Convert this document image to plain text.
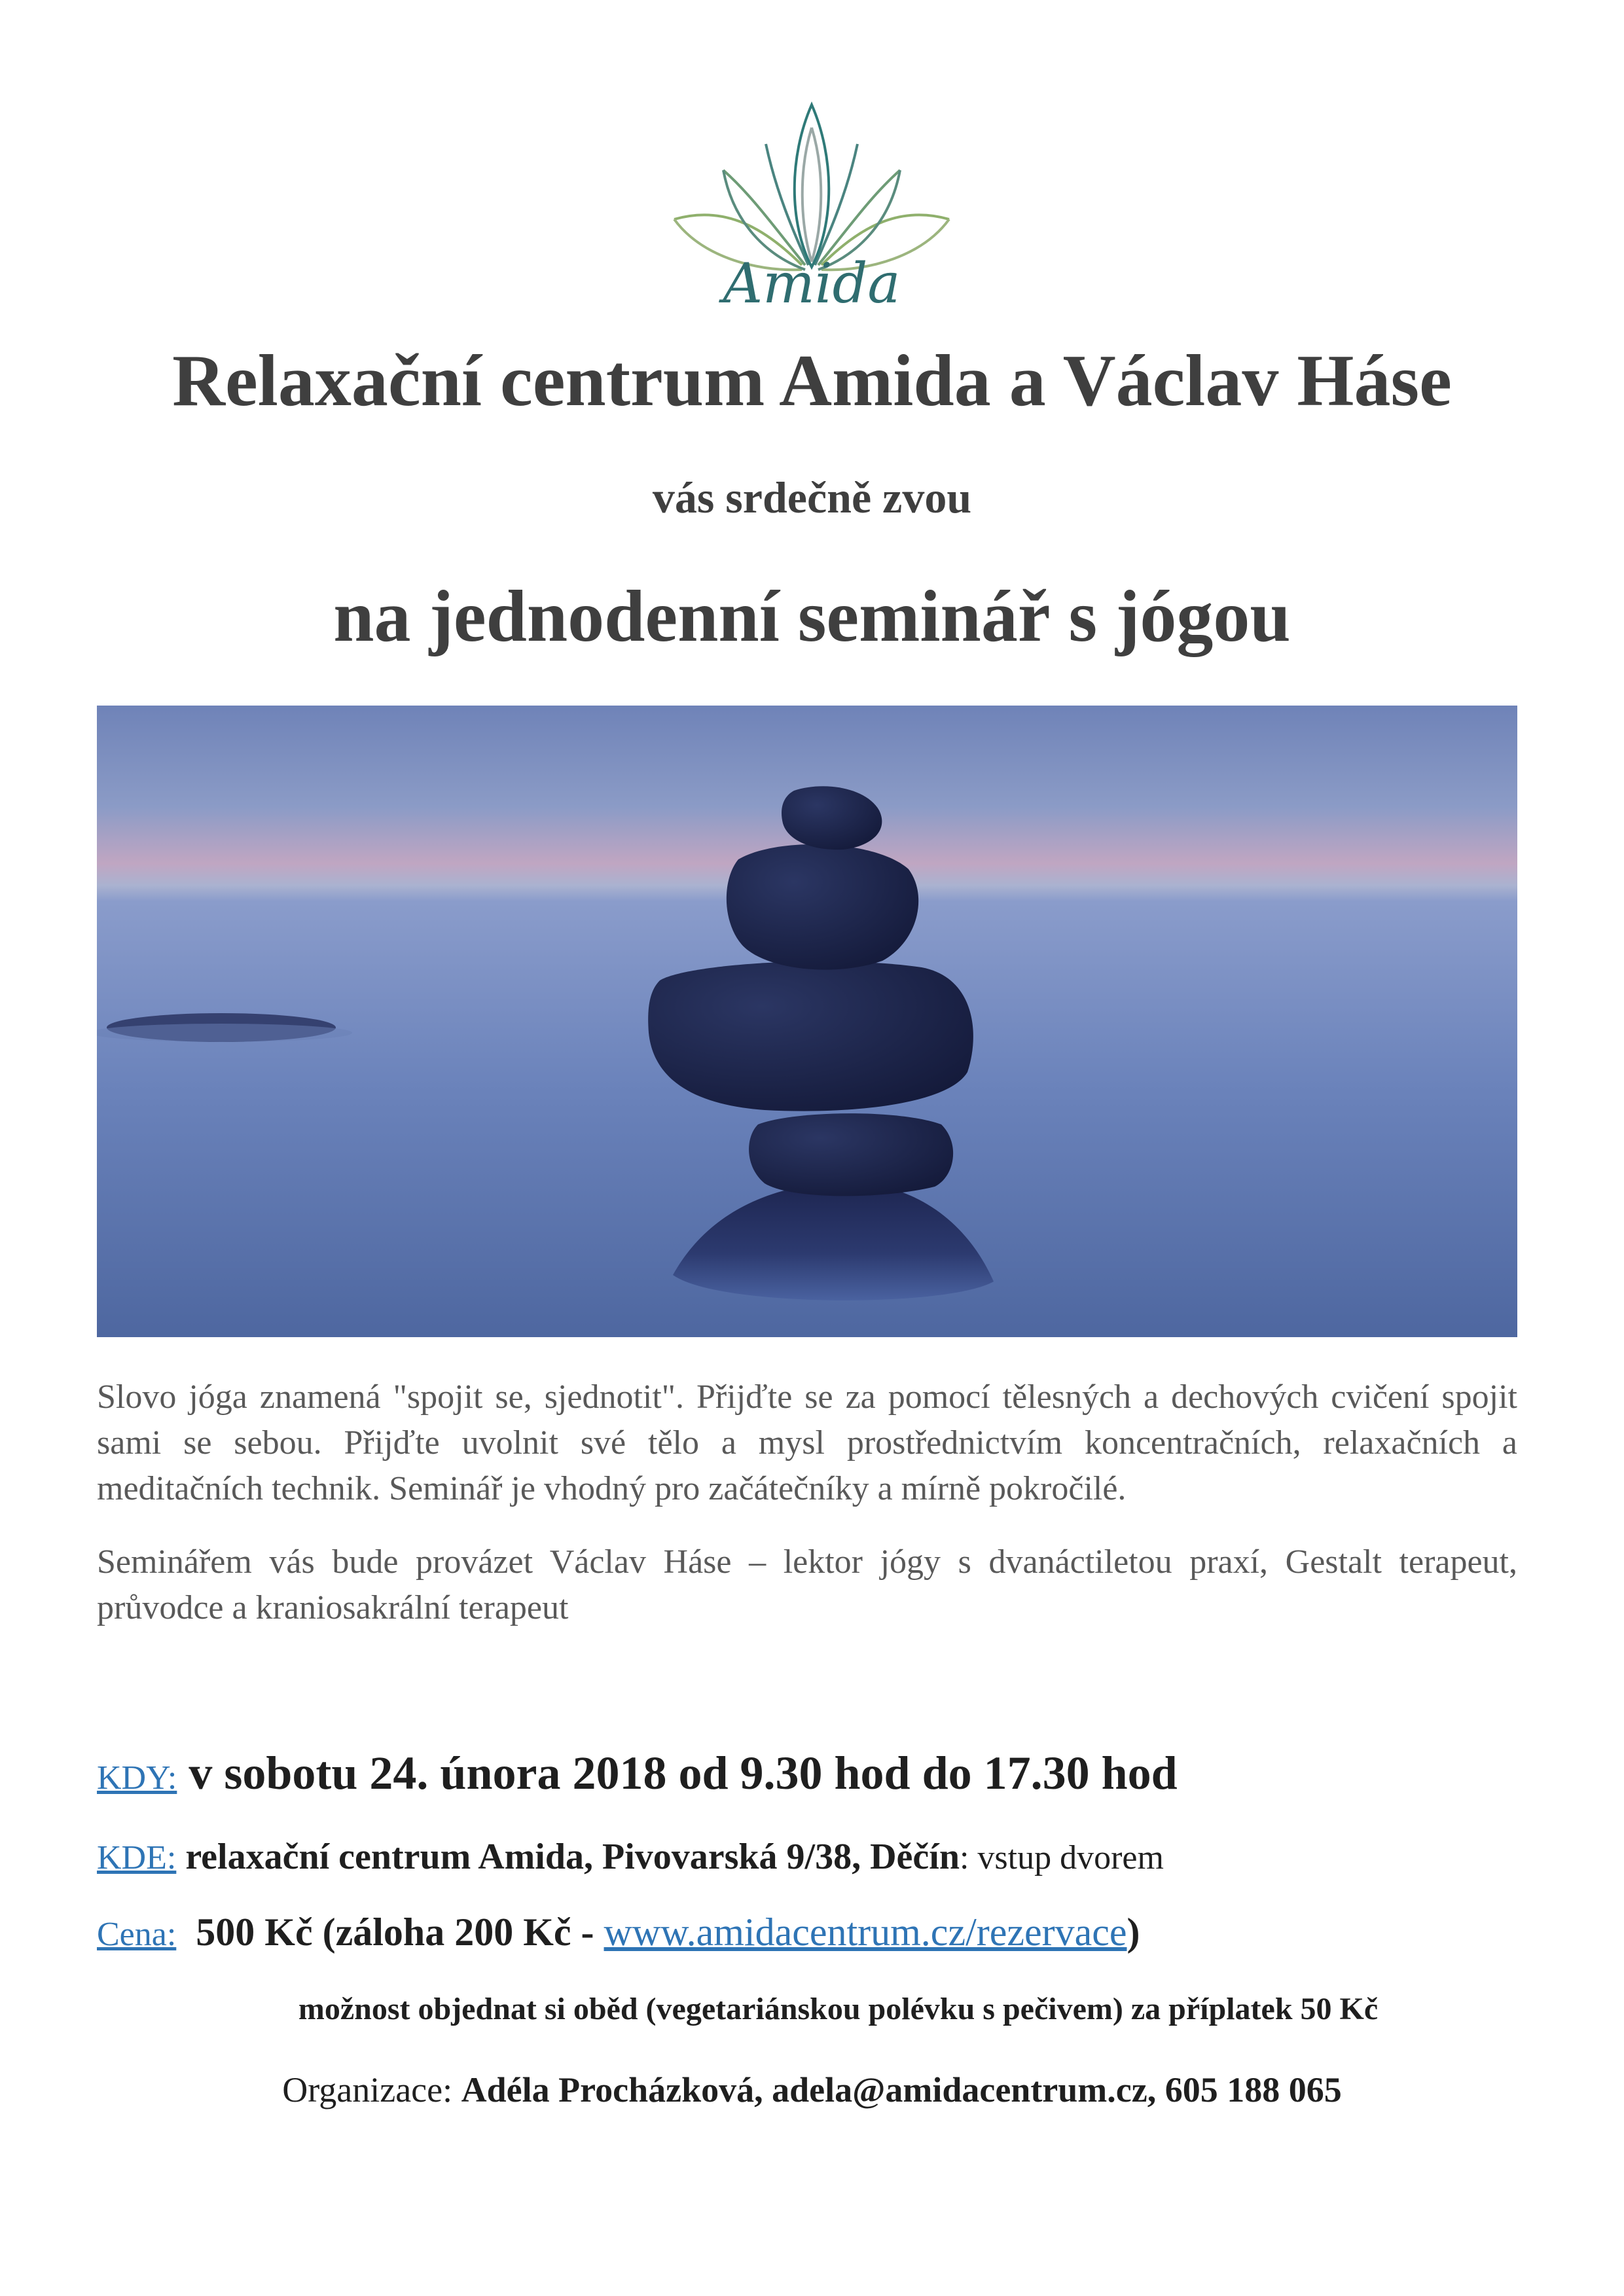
Amida
Relaxační centrum Amida a Václav Háse
vás srdečně zvou
na jednodenní seminář s jógou
Slovo jóga znamená "spojit se, sjednotit". Přijďte se za pomocí tělesných a dechových cvičení spojit sami se sebou. Přijďte uvolnit své tělo a mysl prostřednictvím koncentračních, relaxačních a meditačních technik. Seminář je vhodný pro začátečníky a mírně pokročilé.
Seminářem vás bude provázet Václav Háse – lektor jógy s dvanáctiletou praxí, Gestalt terapeut, průvodce a kraniosakrální terapeut
KDY: v sobotu 24. února 2018 od 9.30 hod do 17.30 hod
KDE: relaxační centrum Amida, Pivovarská 9/38, Děčín: vstup dvorem
Cena: 500 Kč (záloha 200 Kč - www.amidacentrum.cz/rezervace)
možnost objednat si oběd (vegetariánskou polévku s pečivem) za příplatek 50 Kč
Organizace: Adéla Procházková, adela@amidacentrum.cz, 605 188 065
